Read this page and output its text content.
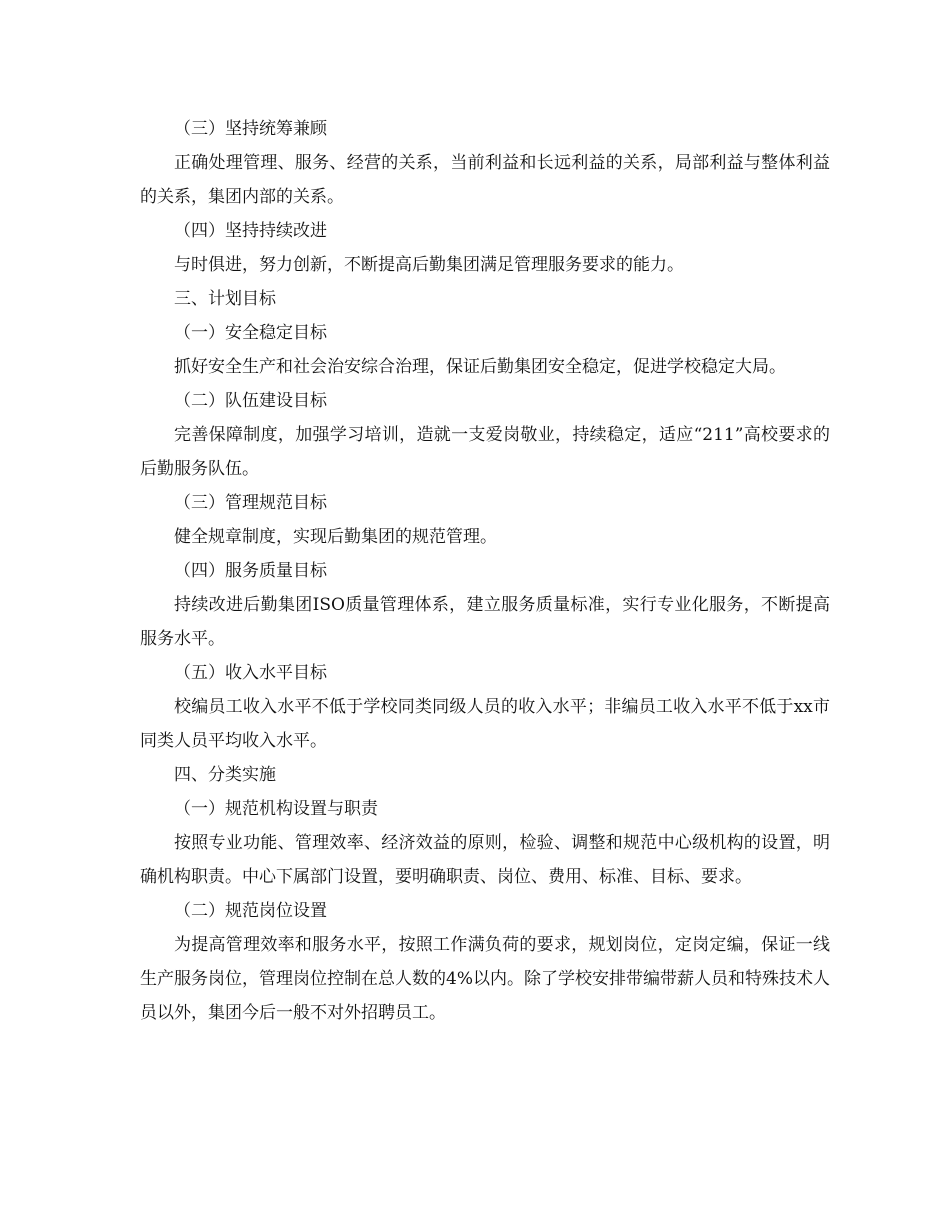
（三）坚持统筹兼顾

正确处理管理、服务、经营的关系，当前利益和长远利益的关系，局部利益与整体利益的关系，集团内部的关系。

（四）坚持持续改进

与时俱进，努力创新，不断提高后勤集团满足管理服务要求的能力。

三、计划目标

（一）安全稳定目标

抓好安全生产和社会治安综合治理，保证后勤集团安全稳定，促进学校稳定大局。

（二）队伍建设目标

完善保障制度，加强学习培训，造就一支爱岗敬业，持续稳定，适应“211”高校要求的后勤服务队伍。

（三）管理规范目标

健全规章制度，实现后勤集团的规范管理。

（四）服务质量目标

持续改进后勤集团ISO质量管理体系，建立服务质量标准，实行专业化服务，不断提高服务水平。

（五）收入水平目标

校编员工收入水平不低于学校同类同级人员的收入水平；非编员工收入水平不低于xx市同类人员平均收入水平。

四、分类实施

（一）规范机构设置与职责

按照专业功能、管理效率、经济效益的原则，检验、调整和规范中心级机构的设置，明确机构职责。中心下属部门设置，要明确职责、岗位、费用、标准、目标、要求。

（二）规范岗位设置

为提高管理效率和服务水平，按照工作满负荷的要求，规划岗位，定岗定编，保证一线生产服务岗位，管理岗位控制在总人数的4%以内。除了学校安排带编带薪人员和特殊技术人员以外，集团今后一般不对外招聘员工。
